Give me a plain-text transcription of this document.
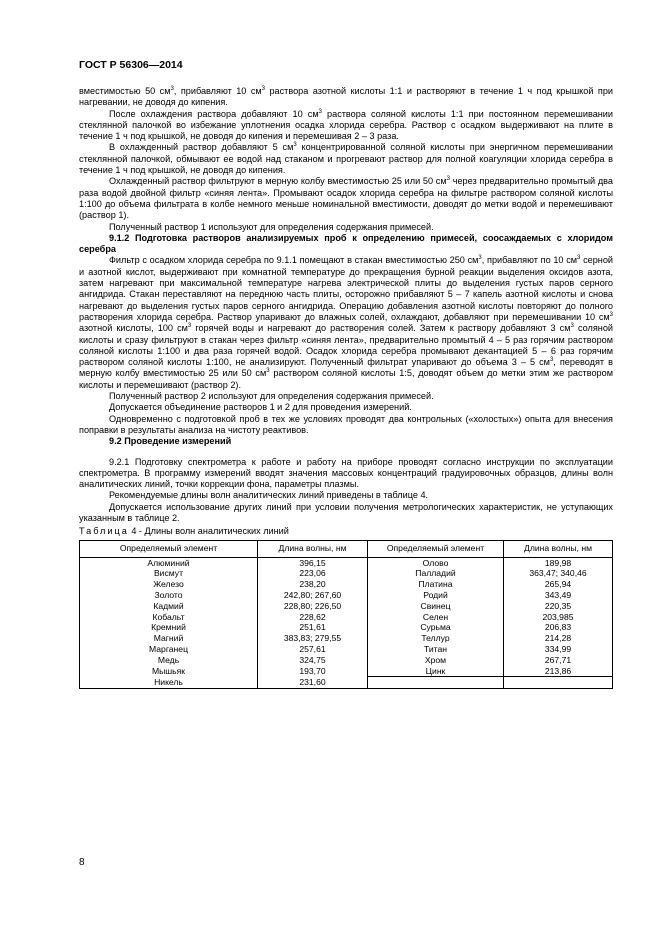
ГОСТ Р 56306—2014

вместимостью 50 $см^3$, прибавляют 10 $см^3$ раствора азотной кислоты 1:1 и растворяют в течение 1 ч под крышкой при нагревании, не доводя до кипения.

После охлаждения раствора добавляют 10 $см^3$ раствора соляной кислоты 1:1 при постоянном перемешивании стеклянной палочкой во избежание уплотнения осадка хлорида серебра. Раствор с осадком выдерживают на плите в течение 1 ч под крышкой, не доводя до кипения и перемешивая 2 – 3 раза.

В охлажденный раствор добавляют 5 $см^3$ концентрированной соляной кислоты при энергичном перемешивании стеклянной палочкой, обмывают ее водой над стаканом и прогревают раствор для полной коагуляции хлорида серебра в течение 1 ч под крышкой, не доводя до кипения.

Охлажденный раствор фильтруют в мерную колбу вместимостью 25 или 50 $см^3$ через предварительно промытый два раза водой двойной фильтр «синяя лента». Промывают осадок хлорида серебра на фильтре раствором соляной кислоты 1:100 до объема фильтрата в колбе немного меньше номинальной вместимости, доводят до метки водой и перемешивают (раствор 1).

Полученный раствор 1 используют для определения содержания примесей.

9.1.2 Подготовка растворов анализируемых проб к определению примесей, соосаждаемых с хлоридом серебра

Фильтр с осадком хлорида серебра по 9.1.1 помещают в стакан вместимостью 250 $см^3$, прибавляют по 10 $см^3$ серной и азотной кислот, выдерживают при комнатной температуре до прекращения бурной реакции выделения оксидов азота, затем нагревают при максимальной температуре нагрева электрической плиты до выделения густых паров серного ангидрида. Стакан переставляют на переднюю часть плиты, осторожно прибавляют 5 – 7 капель азотной кислоты и снова нагревают до выделения густых паров серного ангидрида. Операцию добавления азотной кислоты повторяют до полного растворения хлорида серебра. Раствор упаривают до влажных солей, охлаждают, добавляют при перемешивании 10 $см^3$ азотной кислоты, 100 $см^3$ горячей воды и нагревают до растворения солей. Затем к раствору добавляют 3 $см^3$ соляной кислоты и сразу фильтруют в стакан через фильтр «синяя лента», предварительно промытый 4 – 5 раз горячим раствором соляной кислоты 1:100 и два раза горячей водой. Осадок хлорида серебра промывают декантацией 5 – 6 раз горячим раствором соляной кислоты 1:100, не анализируют. Полученный фильтрат упаривают до объема 3 – 5 $см^3$, переводят в мерную колбу вместимостью 25 или 50 $см^3$ раствором соляной кислоты 1:5, доводят объем до метки этим же раствором кислоты и перемешивают (раствор 2).

Полученный раствор 2 используют для определения содержания примесей.

Допускается объединение растворов 1 и 2 для проведения измерений.

Одновременно с подготовкой проб в тех же условиях проводят два контрольных («холостых») опыта для внесения поправки в результаты анализа на чистоту реактивов.

9.2 Проведение измерений

9.2.1 Подготовку спектрометра к работе и работу на приборе проводят согласно инструкции по эксплуатации спектрометра. В программу измерений вводят значения массовых концентраций градуировочных образцов, длины волн аналитических линий, точки коррекции фона, параметры плазмы.

Рекомендуемые длины волн аналитических линий приведены в таблице 4.

Допускается использование других линий при условии получения метрологических характеристик, не уступающих указанным в таблице 2.

Таблица 4 - Длины волн аналитических линий
Определяемый элемент	Длина волны, нм	Определяемый элемент	Длина волны, нм
Алюминий	396,15	Олово	189,98
Висмут	223,06	Палладий	363,47; 340,46
Железо	238,20	Платина	265,94
Золото	242,80; 267,60	Родий	343,49
Кадмий	228,80; 226,50	Свинец	220,35
Кобальт	228,62	Селен	203,985
Кремний	251,61	Сурьма	206,83
Магний	383,83; 279,55	Теллур	214,28
Марганец	257,61	Титан	334,99
Медь	324,75	Хром	267,71
Мышьяк	193,70	Цинк	213,86
Никель	231,60		
8
